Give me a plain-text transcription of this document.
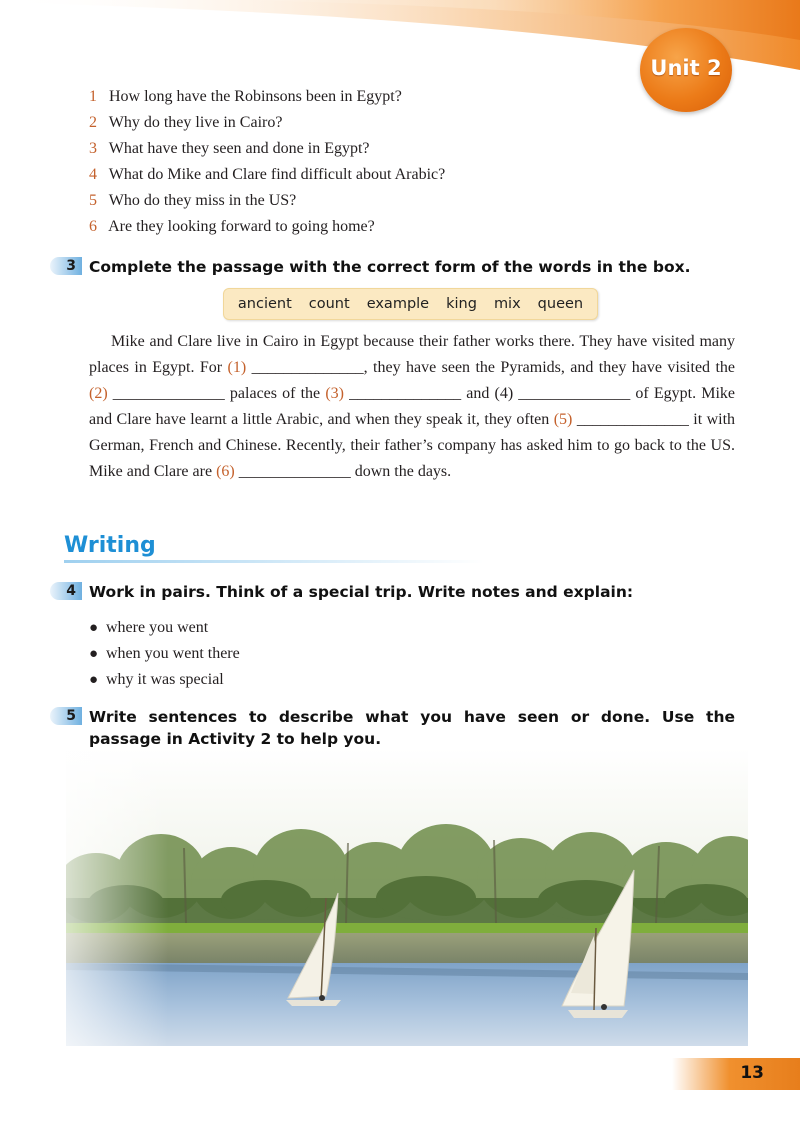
Unit 2
1 How long have the Robinsons been in Egypt?
2 Why do they live in Cairo?
3 What have they seen and done in Egypt?
4 What do Mike and Clare find difficult about Arabic?
5 Who do they miss in the US?
6 Are they looking forward to going home?
3 Complete the passage with the correct form of the words in the box.
ancient count example king mix queen

Mike and Clare live in Cairo in Egypt because their father works there. They have visited many places in Egypt. For (1) ______________, they have seen the Pyramids, and they have visited the (2) ______________ palaces of the (3) ______________ and (4) ______________ of Egypt. Mike and Clare have learnt a little Arabic, and when they speak it, they often (5) ______________ it with German, French and Chinese. Recently, their father’s company has asked him to go back to the US. Mike and Clare are (6) ______________ down the days.

Writing
4 Work in pairs. Think of a special trip. Write notes and explain:
● where you went
● when you went there
● why it was special
5 Write sentences to describe what you have seen or done. Use the passage in Activity 2 to help you.
13
